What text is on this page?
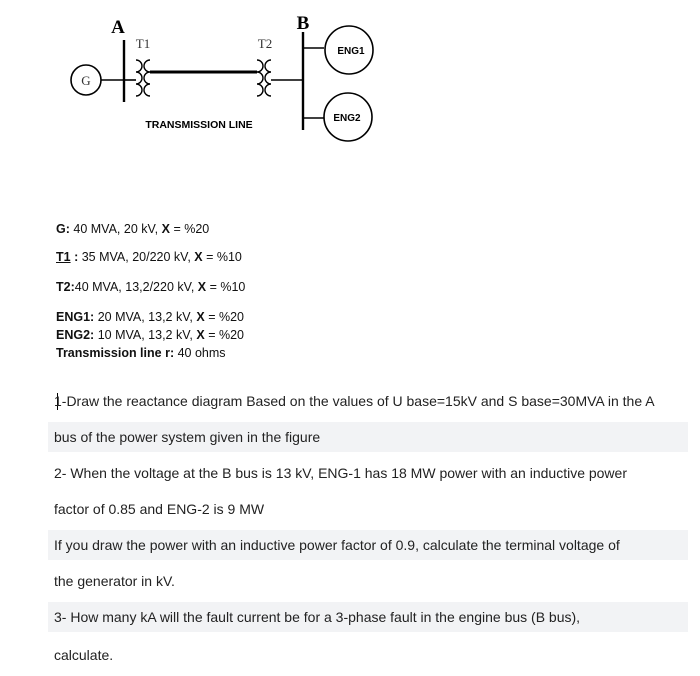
G
A
T1
TRANSMISSION LINE
T2
B
ENG1
ENG2
G: 40 MVA, 20 kV, X = %20
T1 : 35 MVA, 20/220 kV, X = %10
T2:40 MVA, 13,2/220 kV, X = %10
ENG1: 20 MVA, 13,2 kV, X = %20
ENG2: 10 MVA, 13,2 kV, X = %20
Transmission line r: 40 ohms
1-Draw the reactance diagram Based on the values of U base=15kV and S base=30MVA in the A
bus of the power system given in the figure
2- When the voltage at the B bus is 13 kV, ENG-1 has 18 MW power with an inductive power
factor of 0.85 and ENG-2 is 9 MW
If you draw the power with an inductive power factor of 0.9, calculate the terminal voltage of
the generator in kV.
3- How many kA will the fault current be for a 3-phase fault in the engine bus (B bus),
calculate.
